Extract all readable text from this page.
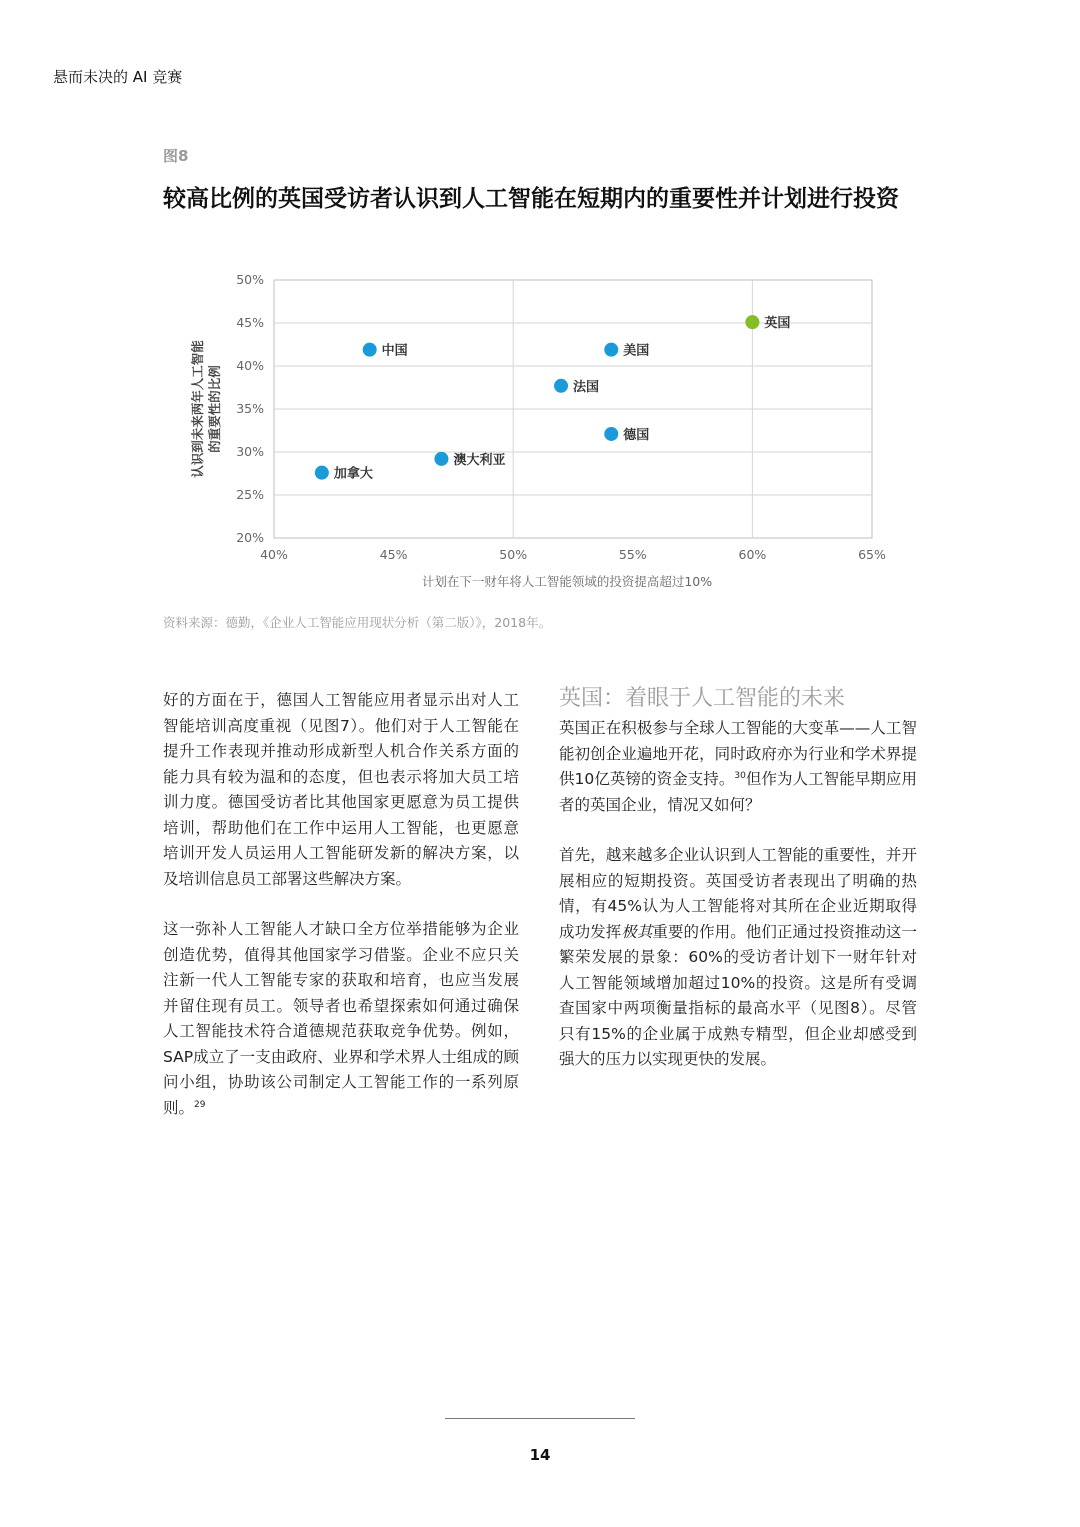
悬而未决的 AI 竞赛
图8
较高比例的英国受访者认识到人工智能在短期内的重要性并计划进行投资
20%
25%
30%
35%
40%
45%
50%
40%	45%	50%	55%	60%	65%
中国	美国
英国
法国
德国
澳大利亚
加拿大
计划在下一财年将人工智能领域的投资提高超过10%
认识到未来两年人工智能 的重要性的比例
资料来源：德勤，《企业人工智能应用现状分析（第二版）》，2018年。

好的方面在于，德国人工智能应用者显示出对人工智能培训高度重视（见图7）。他们对于人工智能在提升工作表现并推动形成新型人机合作关系方面的能力具有较为温和的态度，但也表示将加大员工培训力度。德国受访者比其他国家更愿意为员工提供培训，帮助他们在工作中运用人工智能，也更愿意培训开发人员运用人工智能研发新的解决方案，以及培训信息员工部署这些解决方案。

这一弥补人工智能人才缺口全方位举措能够为企业创造优势，值得其他国家学习借鉴。企业不应只关注新一代人工智能专家的获取和培育，也应当发展并留住现有员工。领导者也希望探索如何通过确保人工智能技术符合道德规范获取竞争优势。例如，SAP成立了一支由政府、业界和学术界人士组成的顾问小组，协助该公司制定人工智能工作的一系列原则。$^{29}$

英国：着眼于人工智能的未来

英国正在积极参与全球人工智能的大变革——人工智能初创企业遍地开花，同时政府亦为行业和学术界提供10亿英镑的资金支持。$^{30}$但作为人工智能早期应用者的英国企业，情况又如何？

首先，越来越多企业认识到人工智能的重要性，并开展相应的短期投资。英国受访者表现出了明确的热情，有45%认为人工智能将对其所在企业近期取得成功发挥极其重要的作用。他们正通过投资推动这一繁荣发展的景象：60%的受访者计划下一财年针对人工智能领域增加超过10%的投资。这是所有受调查国家中两项衡量指标的最高水平（见图8）。尽管只有15%的企业属于成熟专精型，但企业却感受到强大的压力以实现更快的发展。

14
